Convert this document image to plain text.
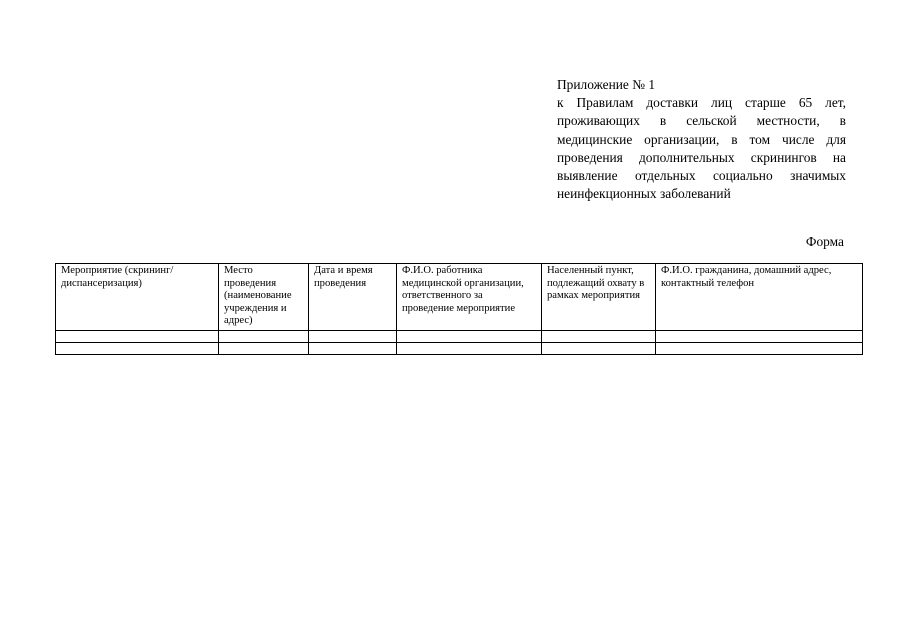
Приложение № 1
к Правилам доставки лиц старше 65 лет, проживающих в сельской местности, в медицинские организации, в том числе для проведения дополнительных скринингов на выявление отдельных социально значимых неинфекционных заболеваний
Форма
Мероприятие (скрининг/диспансеризация)	Место проведения (наименование учреждения и адрес)	Дата и время проведения	Ф.И.О. работника медицинской организации, ответственного за проведение мероприятие	Населенный пункт, подлежащий охвату в рамках мероприятия	Ф.И.О. гражданина, домашний адрес, контактный телефон
